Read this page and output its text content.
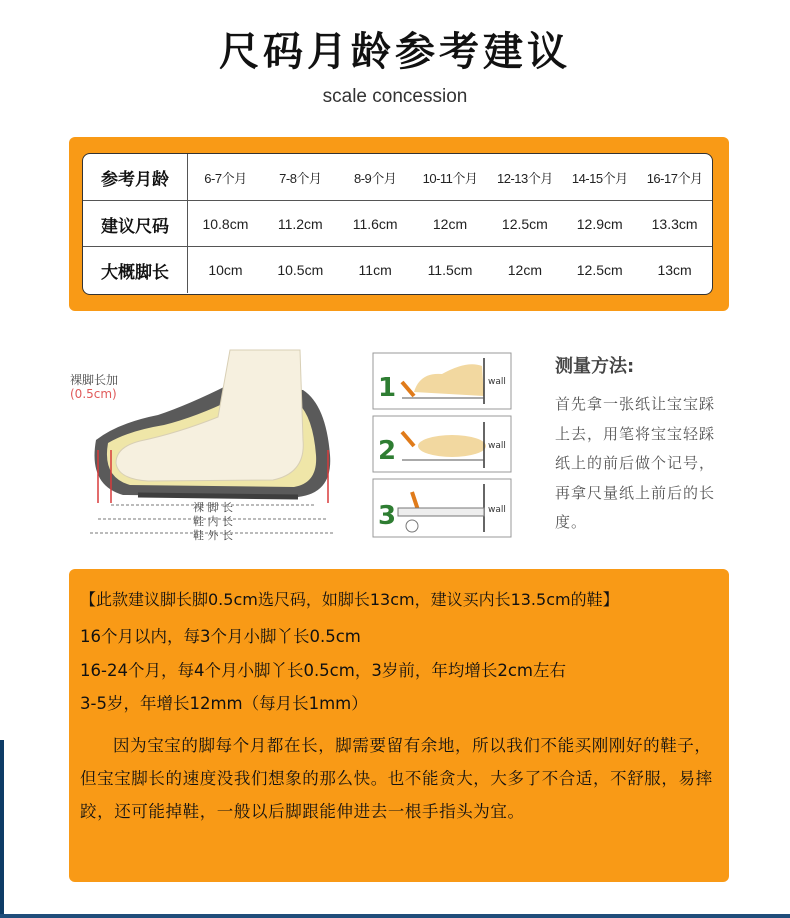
尺码月龄参考建议
scale concession
参考月龄	6-7个月	7-8个月	8-9个月	10-11个月	12-13个月	14-15个月	16-17个月
建议尺码	10.8cm	11.2cm	11.6cm	12cm	12.5cm	12.9cm	13.3cm
大概脚长	10cm	10.5cm	11cm	11.5cm	12cm	12.5cm	13cm
裸脚长加
(0.5cm)
裸 脚 长
鞋 内 长
鞋 外 长
1
2
3
wall
wall
wall
测量方法:
首先拿一张纸让宝宝踩上去，用笔将宝宝轻踩纸上的前后做个记号，再拿尺量纸上前后的长度。
【此款建议脚长脚0.5cm选尺码，如脚长13cm，建议买内长13.5cm的鞋】
16个月以内，每3个月小脚丫长0.5cm
16-24个月，每4个月小脚丫长0.5cm，3岁前，年均增长2cm左右
3-5岁，年增长12mm（每月长1mm）
因为宝宝的脚每个月都在长，脚需要留有余地，所以我们不能买刚刚好的鞋子，但宝宝脚长的速度没我们想象的那么快。也不能贪大，大多了不合适，不舒服，易摔跤，还可能掉鞋，一般以后脚跟能伸进去一根手指头为宜。
